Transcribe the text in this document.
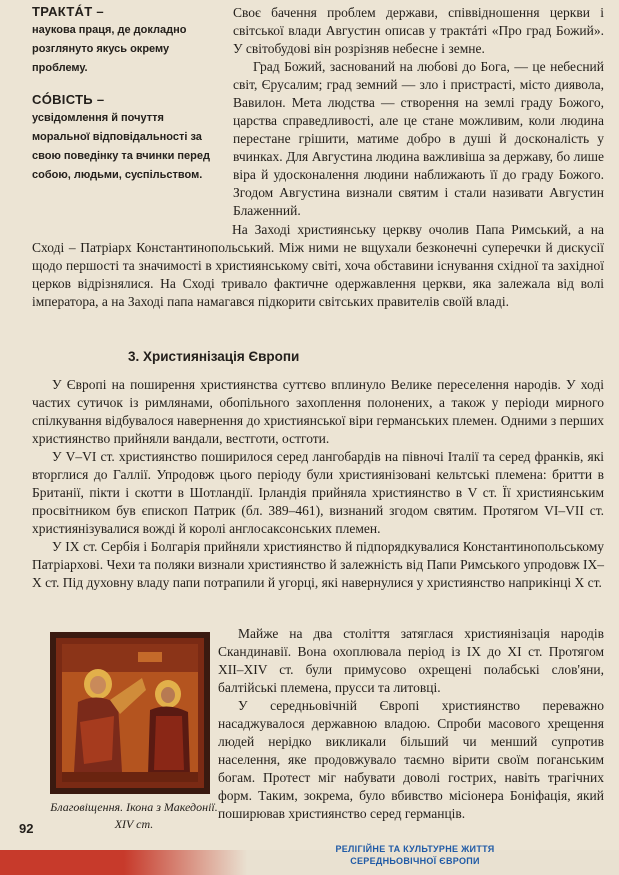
ТРАКТÁТ –
наукова праця, де докладно розглянуто якусь окрему проблему.
СÓВІСТЬ –
усвідомлення й почуття моральної відповідальності за свою поведінку та вчинки перед собою, людьми, суспільством.

Своє бачення проблем держави, співвідношення церкви і світської влади Августин описав у трактáті «Про град Божий». У світобудові він розрізняв небесне і земне.

Град Божий, заснований на любові до Бога, — це небесний світ, Єрусалим; град земний — зло і пристрасті, місто диявола, Вавилон. Мета людства — створення на землі граду Божого, царства справедливості, але це стане можливим, коли людина перестане грішити, матиме добро в душі й досконалість у вчинках. Для Августина людина важливіша за державу, бо лише віра й удосконалення людини наближають її до граду Божого. Згодом Августина визнали святим і стали називати Августин Блаженний.

На Заході християнську церкву очолив Папа Римський, а на Сході – Патріарх Константинопольський. Між ними не вщухали безконечні суперечки й дискусії щодо першості та значимості в християнському світі, хоча обставини існування східної та західної церков відрізнялися. На Сході тривало фактичне одержавлення церкви, яка залежала від волі імператора, а на Заході папа намагався підкорити світських правителів своїй владі.

3. Християнізація Європи

У Європі на поширення християнства суттєво вплинуло Велике переселення народів. У ході частих сутичок із римлянами, обопільного захоплення полонених, а також у періоди мирного спілкування відбувалося навернення до християнської віри германських племен. Одними з перших християнство прийняли вандали, вестготи, остготи.

У V–VI ст. християнство поширилося серед лангобардів на півночі Італії та серед франків, які вторглися до Галлії. Упродовж цього періоду були християнізовані кельтські племена: бритти в Британії, пікти і скотти в Шотландії. Ірландія прийняла християнство в V ст. Її християнським просвітником був єпископ Патрик (бл. 389–461), визнаний згодом святим. Протягом VI–VII ст. християнізувалися вожді й королі англосаксонських племен.

У IX ст. Сербія і Болгарія прийняли християнство й підпорядкувалися Константинопольському Патріархові. Чехи та поляки визнали християнство й залежність від Папи Римського упродовж IX–X ст. Під духовну владу папи потрапили й угорці, які навернулися у християнство наприкінці X ст.

Благовіщення. Ікона з Македонії. XIV ст.

Майже на два століття затяглася християнізація народів Скандинавії. Вона охоплювала період із IX до XI ст. Протягом XII–XIV ст. були примусово охрещені полабські слов'яни, балтійські племена, прусси та литовці.

У середньовічній Європі християнство переважно насаджувалося державною владою. Спроби масового хрещення людей нерідко викликали більший чи менший супротив населення, яке продовжувало таємно вірити своїм поганським богам. Протест міг набувати доволі гострих, навіть трагічних форм. Таким, зокрема, було вбивство місіонера Боніфація, який поширював християнство серед германців.

92
РЕЛІГІЙНЕ ТА КУЛЬТУРНЕ ЖИТТЯ
СЕРЕДНЬОВІЧНОЇ ЄВРОПИ
